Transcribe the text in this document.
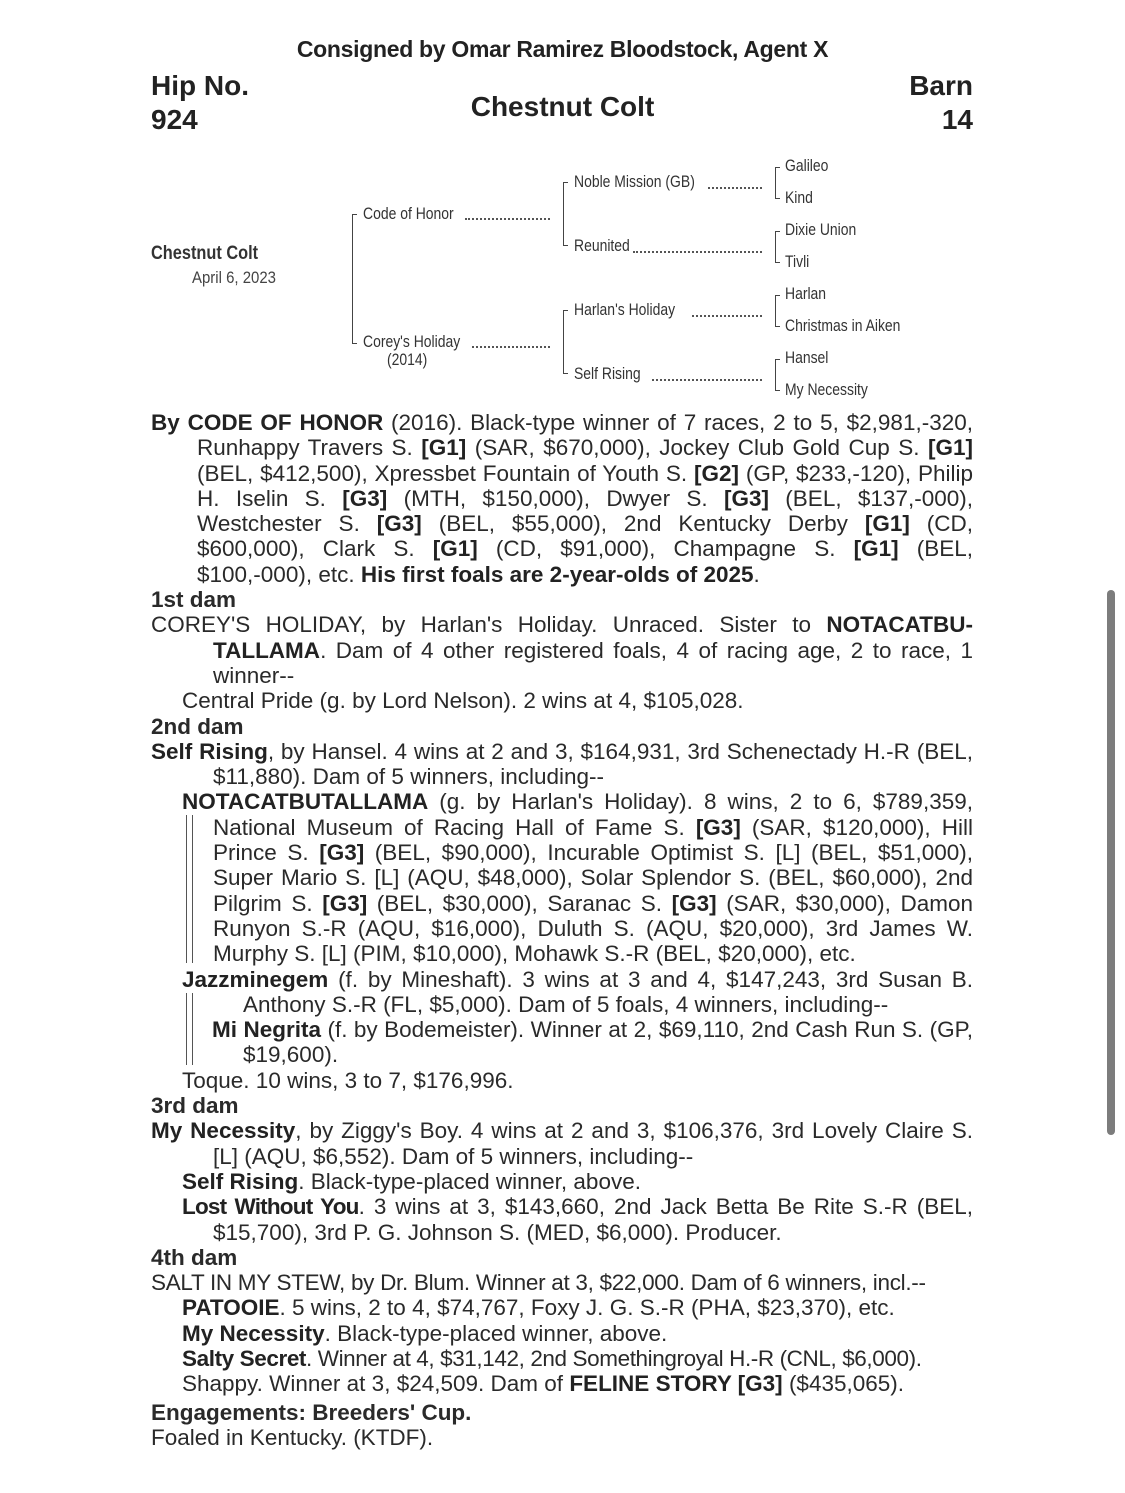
Consigned by Omar Ramirez Bloodstock, Agent X
Hip No.
924	Chestnut Colt
Barn
14
Chestnut Colt
April 6, 2023
Code of Honor
Corey's Holiday
(2014)
Noble Mission (GB)
Reunited
Harlan's Holiday
Self Rising
Galileo
Kind
Dixie Union
Tivli
Harlan
Christmas in Aiken
Hansel
My Necessity
By CODE OF HONOR (2016). Black-type winner of 7 races, 2 to 5, $2,981,-320, Runhappy Travers S. [G1] (SAR, $670,000), Jockey Club Gold Cup S. [G1] (BEL, $412,500), Xpressbet Fountain of Youth S. [G2] (GP, $233,-120), Philip H. Iselin S. [G3] (MTH, $150,000), Dwyer S. [G3] (BEL, $137,-000), Westchester S. [G3] (BEL, $55,000), 2nd Kentucky Derby [G1] (CD, $600,000), Clark S. [G1] (CD, $91,000), Champagne S. [G1] (BEL, $100,-000), etc. His first foals are 2-year-olds of 2025.
1st dam
COREY'S HOLIDAY, by Harlan's Holiday. Unraced. Sister to NOTACATBU-TALLAMA. Dam of 4 other registered foals, 4 of racing age, 2 to race, 1 winner--
Central Pride (g. by Lord Nelson). 2 wins at 4, $105,028.
2nd dam
Self Rising, by Hansel. 4 wins at 2 and 3, $164,931, 3rd Schenectady H.-R (BEL, $11,880). Dam of 5 winners, including--
NOTACATBUTALLAMA (g. by Harlan's Holiday). 8 wins, 2 to 6, $789,359, National Museum of Racing Hall of Fame S. [G3] (SAR, $120,000), Hill Prince S. [G3] (BEL, $90,000), Incurable Optimist S. [L] (BEL, $51,000), Super Mario S. [L] (AQU, $48,000), Solar Splendor S. (BEL, $60,000), 2nd Pilgrim S. [G3] (BEL, $30,000), Saranac S. [G3] (SAR, $30,000), Damon Runyon S.-R (AQU, $16,000), Duluth S. (AQU, $20,000), 3rd James W. Murphy S. [L] (PIM, $10,000), Mohawk S.-R (BEL, $20,000), etc.
Jazzminegem (f. by Mineshaft). 3 wins at 3 and 4, $147,243, 3rd Susan B. Anthony S.-R (FL, $5,000). Dam of 5 foals, 4 winners, including--
Mi Negrita (f. by Bodemeister). Winner at 2, $69,110, 2nd Cash Run S. (GP, $19,600).
Toque. 10 wins, 3 to 7, $176,996.
3rd dam
My Necessity, by Ziggy's Boy. 4 wins at 2 and 3, $106,376, 3rd Lovely Claire S. [L] (AQU, $6,552). Dam of 5 winners, including--
Self Rising. Black-type-placed winner, above.
Lost Without You. 3 wins at 3, $143,660, 2nd Jack Betta Be Rite S.-R (BEL, $15,700), 3rd P. G. Johnson S. (MED, $6,000). Producer.
4th dam
SALT IN MY STEW, by Dr. Blum. Winner at 3, $22,000. Dam of 6 winners, incl.--
PATOOIE. 5 wins, 2 to 4, $74,767, Foxy J. G. S.-R (PHA, $23,370), etc.
My Necessity. Black-type-placed winner, above.
Salty Secret. Winner at 4, $31,142, 2nd Somethingroyal H.-R (CNL, $6,000).
Shappy. Winner at 3, $24,509. Dam of FELINE STORY [G3] ($435,065).
Engagements: Breeders' Cup.
Foaled in Kentucky. (KTDF).
